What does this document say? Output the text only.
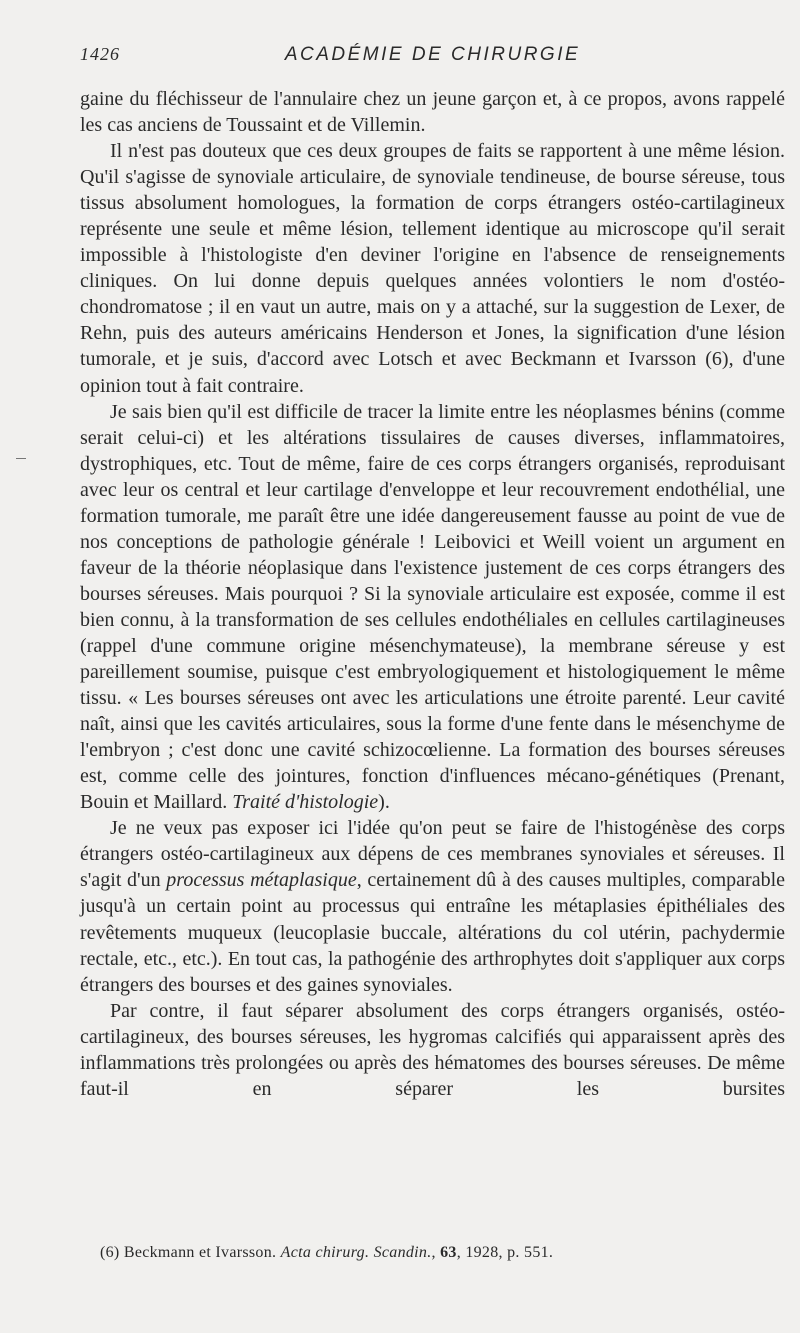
1426	ACADÉMIE DE CHIRURGIE

gaine du fléchisseur de l'annulaire chez un jeune garçon et, à ce propos, avons rappelé les cas anciens de Toussaint et de Villemin.

Il n'est pas douteux que ces deux groupes de faits se rapportent à une même lésion. Qu'il s'agisse de synoviale articulaire, de synoviale tendineuse, de bourse séreuse, tous tissus absolument homologues, la formation de corps étrangers ostéo-cartilagineux représente une seule et même lésion, tellement identique au microscope qu'il serait impossible à l'histologiste d'en deviner l'origine en l'absence de renseignements cliniques. On lui donne depuis quelques années volontiers le nom d'ostéo-chondromatose ; il en vaut un autre, mais on y a attaché, sur la suggestion de Lexer, de Rehn, puis des auteurs américains Henderson et Jones, la signification d'une lésion tumorale, et je suis, d'accord avec Lotsch et avec Beckmann et Ivarsson (6), d'une opinion tout à fait contraire.

Je sais bien qu'il est difficile de tracer la limite entre les néoplasmes bénins (comme serait celui-ci) et les altérations tissulaires de causes diverses, inflammatoires, dystrophiques, etc. Tout de même, faire de ces corps étrangers organisés, reproduisant avec leur os central et leur cartilage d'enveloppe et leur recouvrement endothélial, une formation tumorale, me paraît être une idée dangereusement fausse au point de vue de nos conceptions de pathologie générale ! Leibovici et Weill voient un argument en faveur de la théorie néoplasique dans l'existence justement de ces corps étrangers des bourses séreuses. Mais pourquoi ? Si la synoviale articulaire est exposée, comme il est bien connu, à la transformation de ses cellules endothéliales en cellules cartilagineuses (rappel d'une commune origine mésenchymateuse), la membrane séreuse y est pareillement soumise, puisque c'est embryologiquement et histologiquement le même tissu. « Les bourses séreuses ont avec les articulations une étroite parenté. Leur cavité naît, ainsi que les cavités articulaires, sous la forme d'une fente dans le mésenchyme de l'embryon ; c'est donc une cavité schizocœlienne. La formation des bourses séreuses est, comme celle des jointures, fonction d'influences mécano-génétiques (Prenant, Bouin et Maillard. Traité d'histologie).

Je ne veux pas exposer ici l'idée qu'on peut se faire de l'histogénèse des corps étrangers ostéo-cartilagineux aux dépens de ces membranes synoviales et séreuses. Il s'agit d'un processus métaplasique, certainement dû à des causes multiples, comparable jusqu'à un certain point au processus qui entraîne les métaplasies épithéliales des revêtements muqueux (leucoplasie buccale, altérations du col utérin, pachydermie rectale, etc., etc.). En tout cas, la pathogénie des arthrophytes doit s'appliquer aux corps étrangers des bourses et des gaines synoviales.

Par contre, il faut séparer absolument des corps étrangers organisés, ostéo-cartilagineux, des bourses séreuses, les hygromas calcifiés qui apparaissent après des inflammations très prolongées ou après des hématomes des bourses séreuses. De même faut-il en séparer les bursites

(6) Beckmann et Ivarsson. Acta chirurg. Scandin., 63, 1928, p. 551.
